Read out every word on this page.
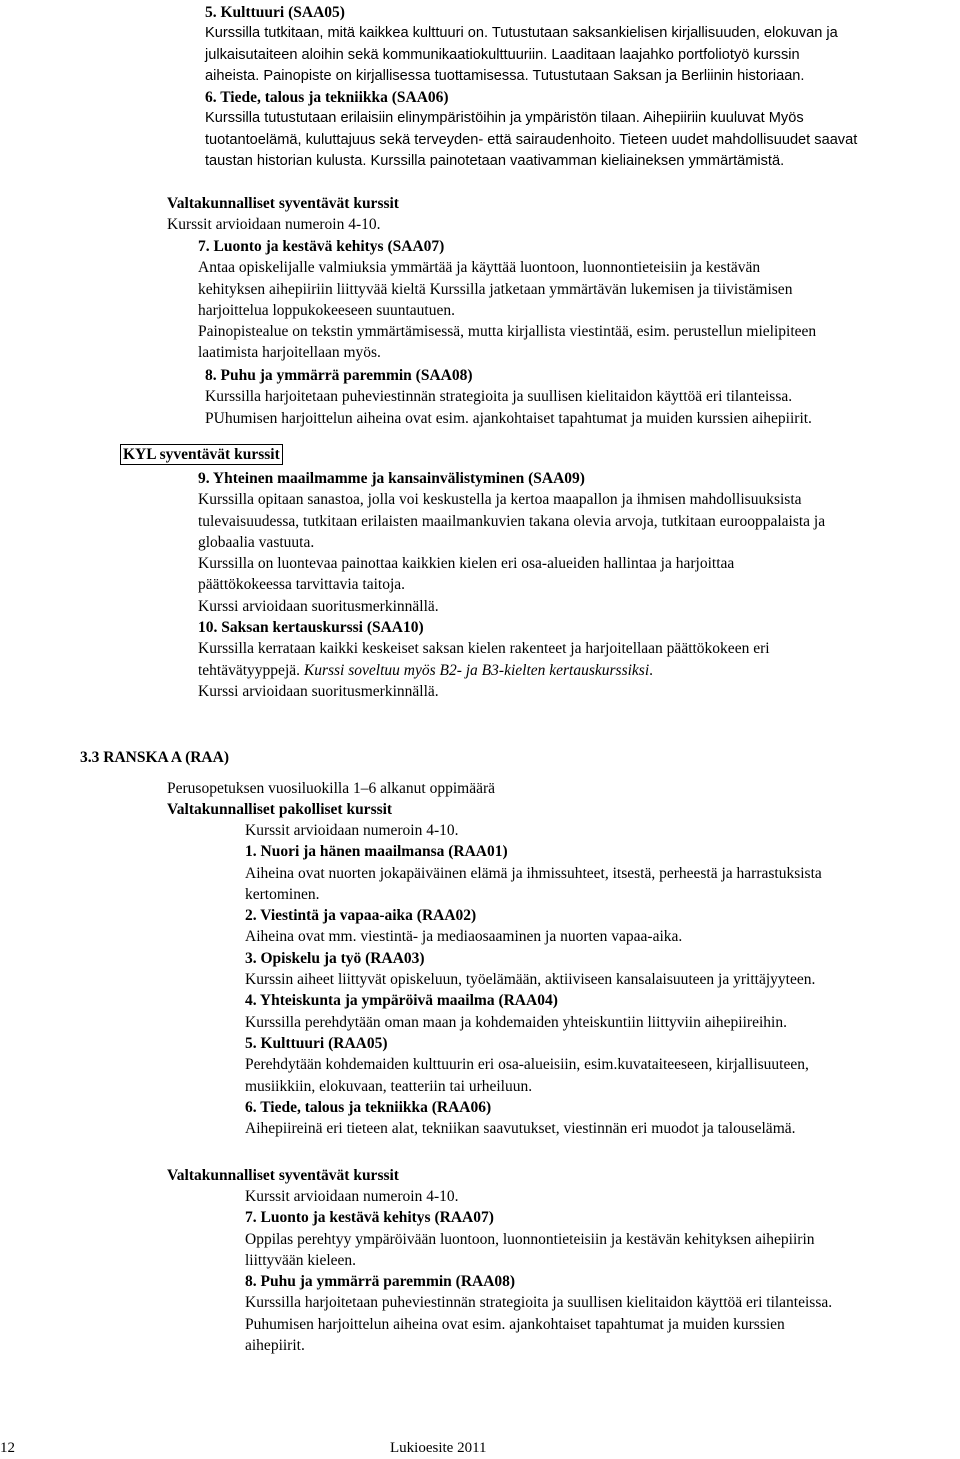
5. Kulttuuri (SAA05)
Kurssilla tutkitaan, mitä kaikkea kulttuuri on. Tutustutaan saksankielisen kirjallisuuden, elokuvan ja
julkaisutaiteen aloihin sekä kommunikaatiokulttuuriin. Laaditaan laajahko portfoliotyö kurssin
aiheista. Painopiste on kirjallisessa tuottamisessa. Tutustutaan Saksan ja Berliinin historiaan.
6. Tiede, talous ja tekniikka (SAA06)
Kurssilla tutustutaan erilaisiin elinympäristöihin ja ympäristön tilaan. Aihepiiriin kuuluvat Myös
tuotantoelämä, kuluttajuus sekä terveyden- että sairaudenhoito. Tieteen uudet mahdollisuudet saavat
taustan historian kulusta. Kurssilla painotetaan vaativamman kieliaineksen ymmärtämistä.
Valtakunnalliset syventävät kurssit
Kurssit arvioidaan numeroin 4-10.
7. Luonto ja kestävä kehitys (SAA07)
Antaa opiskelijalle valmiuksia ymmärtää ja käyttää luontoon, luonnontieteisiin ja kestävän
kehityksen aihepiiriin liittyvää kieltä Kurssilla jatketaan ymmärtävän lukemisen ja tiivistämisen
harjoittelua loppukokeeseen suuntautuen.
Painopistealue on tekstin ymmärtämisessä, mutta kirjallista viestintää, esim. perustellun mielipiteen
laatimista harjoitellaan myös.
8. Puhu ja ymmärrä paremmin (SAA08)
Kurssilla harjoitetaan puheviestinnän strategioita ja suullisen kielitaidon käyttöä eri tilanteissa.
PUhumisen harjoittelun aiheina ovat esim. ajankohtaiset tapahtumat ja muiden kurssien aihepiirit.
KYL syventävät kurssit
9. Yhteinen maailmamme ja kansainvälistyminen (SAA09)
Kurssilla opitaan sanastoa, jolla voi keskustella ja kertoa maapallon ja ihmisen mahdollisuuksista
tulevaisuudessa, tutkitaan erilaisten maailmankuvien takana olevia arvoja, tutkitaan eurooppalaista ja
globaalia vastuuta.
Kurssilla on luontevaa painottaa kaikkien kielen eri osa-alueiden hallintaa ja harjoittaa
päättökokeessa tarvittavia taitoja.
Kurssi arvioidaan suoritusmerkinnällä.
10. Saksan kertauskurssi (SAA10)
Kurssilla kerrataan kaikki keskeiset saksan kielen rakenteet ja harjoitellaan päättökokeen eri
tehtävätyyppejä. Kurssi soveltuu myös B2- ja B3-kielten kertauskurssiksi.
Kurssi arvioidaan suoritusmerkinnällä.
3.3 RANSKA A (RAA)
Perusopetuksen vuosiluokilla 1–6 alkanut oppimäärä
Valtakunnalliset pakolliset kurssit
Kurssit arvioidaan numeroin 4-10.
1. Nuori ja hänen maailmansa (RAA01)
Aiheina ovat nuorten jokapäiväinen elämä ja ihmissuhteet, itsestä, perheestä ja harrastuksista
kertominen.
2. Viestintä ja vapaa-aika (RAA02)
Aiheina ovat mm. viestintä- ja mediaosaaminen ja nuorten vapaa-aika.
3. Opiskelu ja työ (RAA03)
Kurssin aiheet liittyvät opiskeluun, työelämään, aktiiviseen kansalaisuuteen ja yrittäjyyteen.
4. Yhteiskunta ja ympäröivä maailma (RAA04)
Kurssilla perehdytään oman maan ja kohdemaiden yhteiskuntiin liittyviin aihepiireihin.
5. Kulttuuri (RAA05)
Perehdytään kohdemaiden kulttuurin eri osa-alueisiin, esim.kuvataiteeseen, kirjallisuuteen,
musiikkiin, elokuvaan, teatteriin tai urheiluun.
6. Tiede, talous ja tekniikka (RAA06)
Aihepiireinä eri tieteen alat, tekniikan saavutukset, viestinnän eri muodot ja talouselämä.
Valtakunnalliset syventävät kurssit
Kurssit arvioidaan numeroin 4-10.
7. Luonto ja kestävä kehitys (RAA07)
Oppilas perehtyy ympäröivään luontoon, luonnontieteisiin ja kestävän kehityksen aihepiirin
liittyvään kieleen.
8. Puhu ja ymmärrä paremmin (RAA08)
Kurssilla harjoitetaan puheviestinnän strategioita ja suullisen kielitaidon käyttöä eri tilanteissa.
Puhumisen harjoittelun aiheina ovat esim. ajankohtaiset tapahtumat ja muiden kurssien
aihepiirit.
12	Lukioesite 2011
